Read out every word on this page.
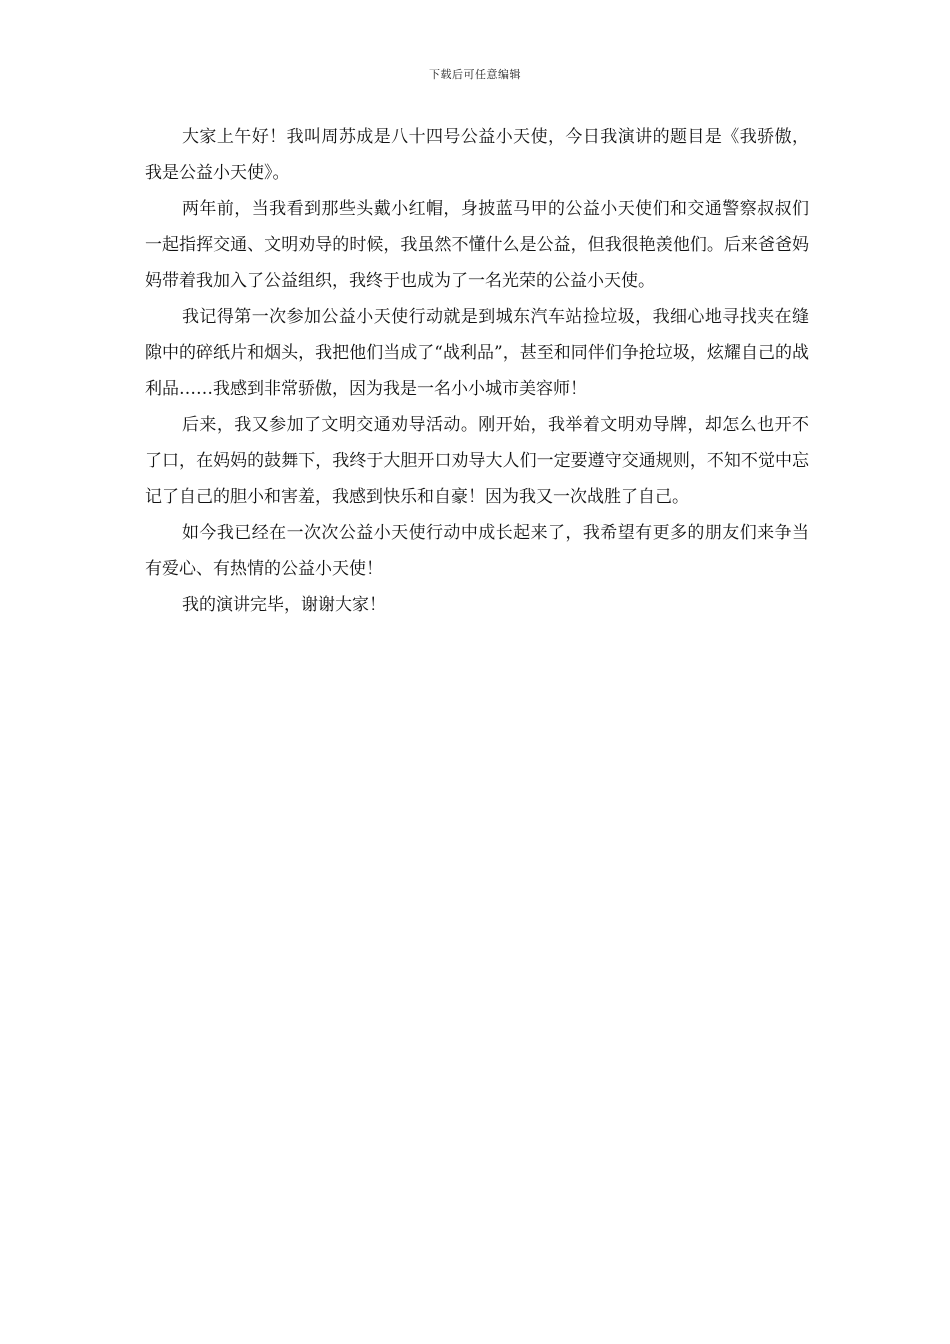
下载后可任意编辑

大家上午好！我叫周苏成是八十四号公益小天使，今日我演讲的题目是《我骄傲，我是公益小天使》。

两年前，当我看到那些头戴小红帽，身披蓝马甲的公益小天使们和交通警察叔叔们一起指挥交通、文明劝导的时候，我虽然不懂什么是公益，但我很艳羡他们。后来爸爸妈妈带着我加入了公益组织，我终于也成为了一名光荣的公益小天使。

我记得第一次参加公益小天使行动就是到城东汽车站捡垃圾，我细心地寻找夹在缝隙中的碎纸片和烟头，我把他们当成了“战利品”，甚至和同伴们争抢垃圾，炫耀自己的战利品……我感到非常骄傲，因为我是一名小小城市美容师！

后来，我又参加了文明交通劝导活动。刚开始，我举着文明劝导牌，却怎么也开不了口，在妈妈的鼓舞下，我终于大胆开口劝导大人们一定要遵守交通规则，不知不觉中忘记了自己的胆小和害羞，我感到快乐和自豪！因为我又一次战胜了自己。

如今我已经在一次次公益小天使行动中成长起来了，我希望有更多的朋友们来争当有爱心、有热情的公益小天使！

我的演讲完毕，谢谢大家！
